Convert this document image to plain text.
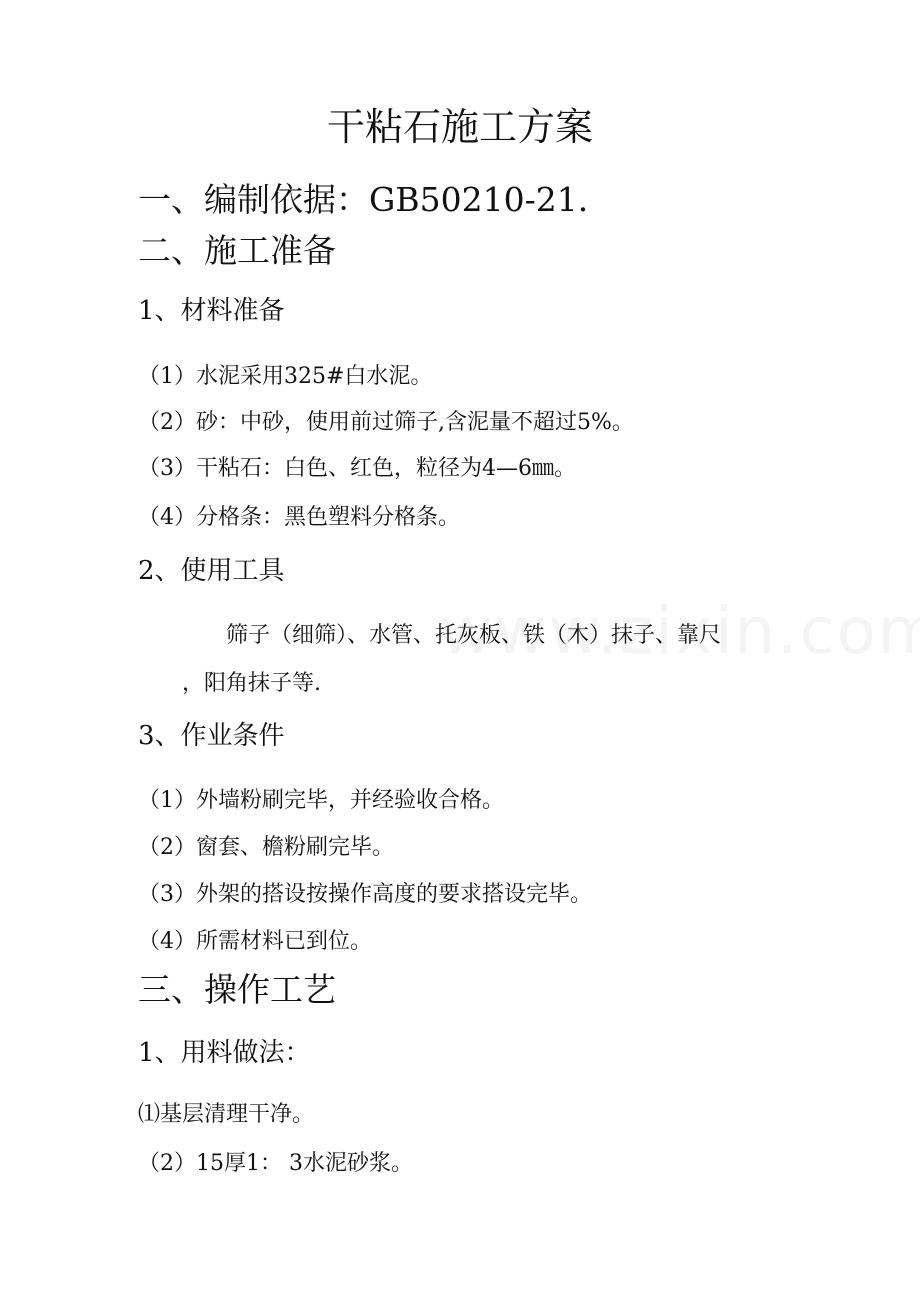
干粘石施工方案
一、编制依据：GB50210-21.
二、施工准备
1、材料准备
（1）水泥采用325#白水泥。
（2）砂：中砂，使用前过筛子,含泥量不超过5%。
（3）干粘石：白色、红色，粒径为4—6㎜。
（4）分格条：黑色塑料分格条。
2、使用工具
筛子（细筛）、水管、托灰板、铁（木）抹子、靠尺
，阳角抹子等.
3、作业条件
（1）外墙粉刷完毕，并经验收合格。
（2）窗套、檐粉刷完毕。
（3）外架的搭设按操作高度的要求搭设完毕。
（4）所需材料已到位。
三、操作工艺
1、用料做法：
⑴基层清理干净。
（2）15厚1： 3水泥砂浆。
